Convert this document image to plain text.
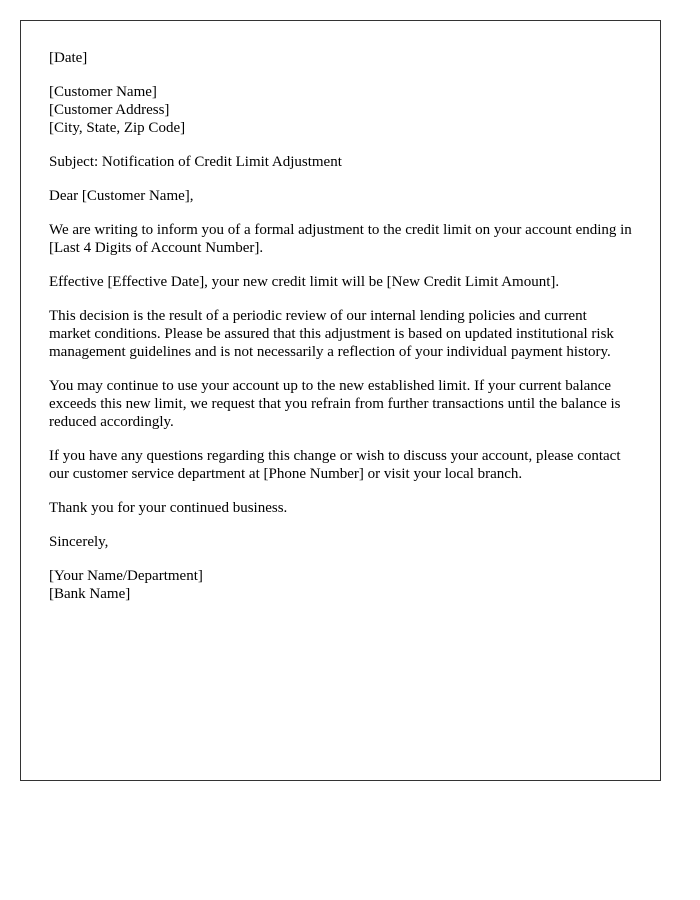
[Date]

[Customer Name]
[Customer Address]
[City, State, Zip Code]

Subject: Notification of Credit Limit Adjustment

Dear [Customer Name],

We are writing to inform you of a formal adjustment to the credit limit on your account ending in [Last 4 Digits of Account Number].

Effective [Effective Date], your new credit limit will be [New Credit Limit Amount].

This decision is the result of a periodic review of our internal lending policies and current market conditions. Please be assured that this adjustment is based on updated institutional risk management guidelines and is not necessarily a reflection of your individual payment history.

You may continue to use your account up to the new established limit. If your current balance exceeds this new limit, we request that you refrain from further transactions until the balance is reduced accordingly.

If you have any questions regarding this change or wish to discuss your account, please contact our customer service department at [Phone Number] or visit your local branch.

Thank you for your continued business.

Sincerely,

[Your Name/Department]
[Bank Name]
